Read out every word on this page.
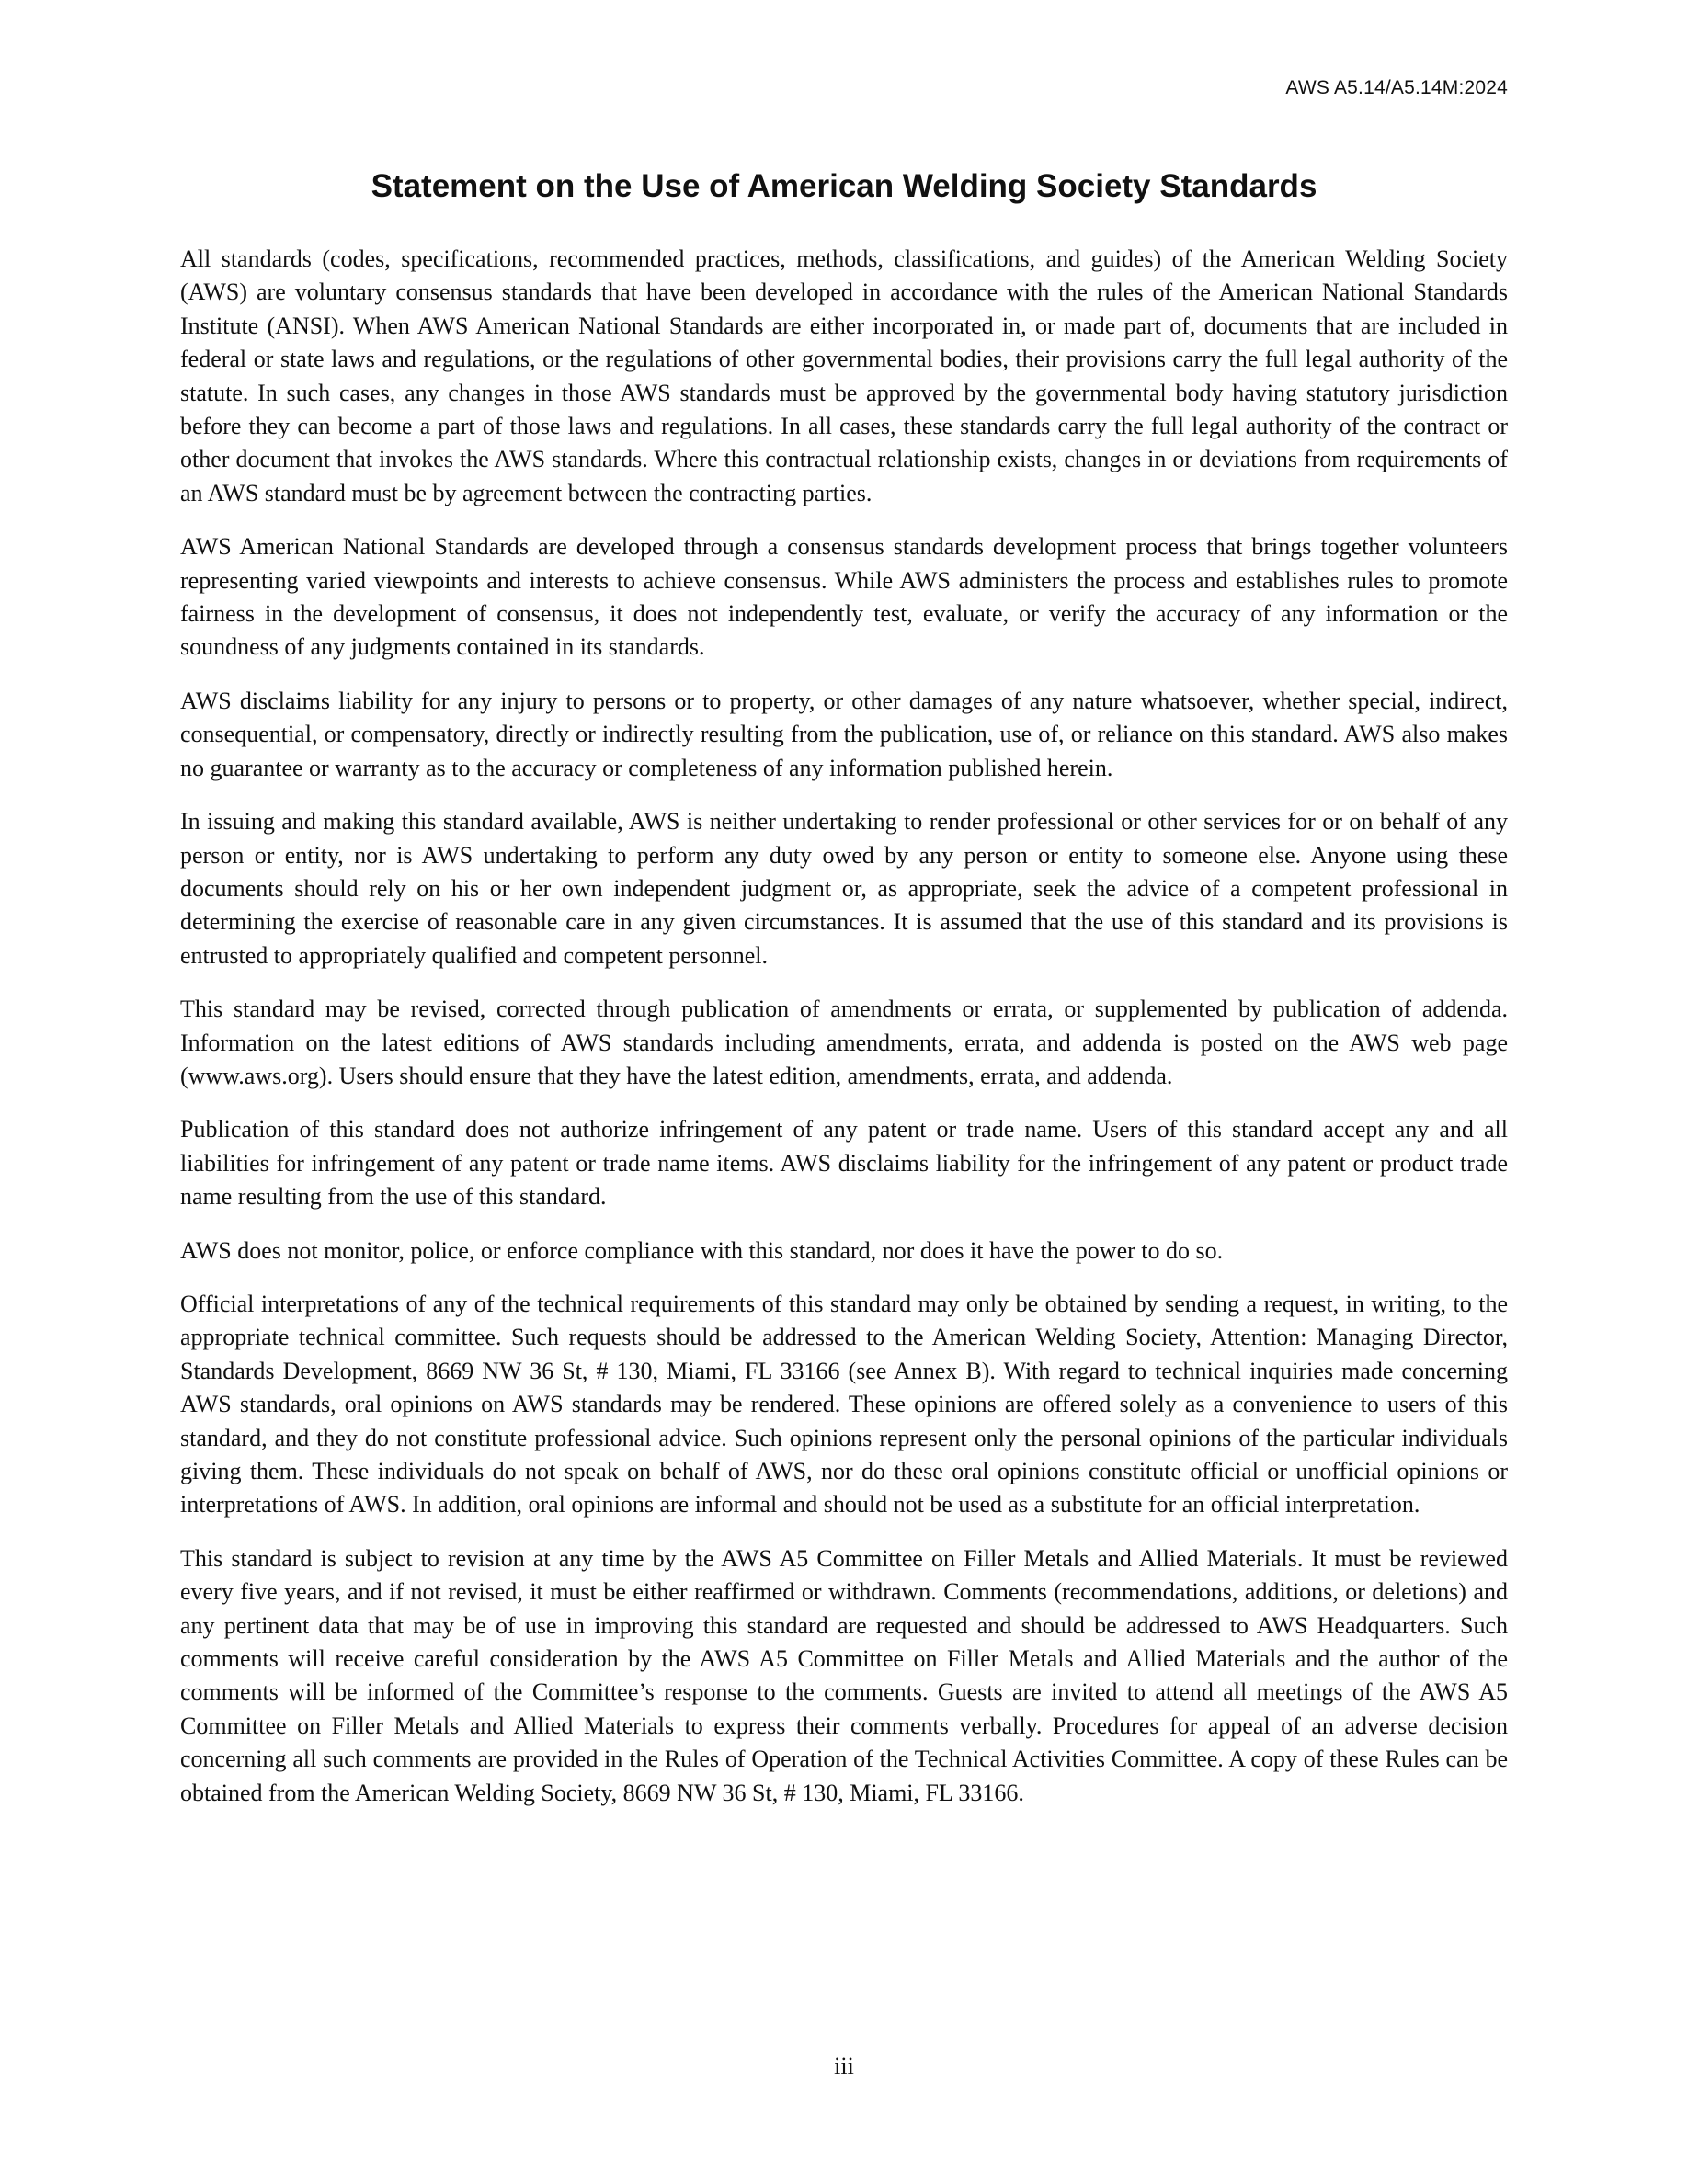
AWS A5.14/A5.14M:2024
Statement on the Use of American Welding Society Standards

All standards (codes, specifications, recommended practices, methods, classifications, and guides) of the American Welding Society (AWS) are voluntary consensus standards that have been developed in accordance with the rules of the American National Standards Institute (ANSI). When AWS American National Standards are either incorporated in, or made part of, documents that are included in federal or state laws and regulations, or the regulations of other governmental bodies, their provisions carry the full legal authority of the statute. In such cases, any changes in those AWS standards must be approved by the governmental body having statutory jurisdiction before they can become a part of those laws and regulations. In all cases, these standards carry the full legal authority of the contract or other document that invokes the AWS standards. Where this contractual relationship exists, changes in or deviations from requirements of an AWS standard must be by agreement between the contracting parties.

AWS American National Standards are developed through a consensus standards development process that brings together volunteers representing varied viewpoints and interests to achieve consensus. While AWS administers the process and establishes rules to promote fairness in the development of consensus, it does not independently test, evaluate, or verify the accuracy of any information or the soundness of any judgments contained in its standards.

AWS disclaims liability for any injury to persons or to property, or other damages of any nature whatsoever, whether special, indirect, consequential, or compensatory, directly or indirectly resulting from the publication, use of, or reliance on this standard. AWS also makes no guarantee or warranty as to the accuracy or completeness of any information published herein.

In issuing and making this standard available, AWS is neither undertaking to render professional or other services for or on behalf of any person or entity, nor is AWS undertaking to perform any duty owed by any person or entity to someone else. Anyone using these documents should rely on his or her own independent judgment or, as appropriate, seek the advice of a competent professional in determining the exercise of reasonable care in any given circumstances. It is assumed that the use of this standard and its provisions is entrusted to appropriately qualified and competent personnel.

This standard may be revised, corrected through publication of amendments or errata, or supplemented by publication of addenda. Information on the latest editions of AWS standards including amendments, errata, and addenda is posted on the AWS web page (www.aws.org). Users should ensure that they have the latest edition, amendments, errata, and addenda.

Publication of this standard does not authorize infringement of any patent or trade name. Users of this standard accept any and all liabilities for infringement of any patent or trade name items. AWS disclaims liability for the infringement of any patent or product trade name resulting from the use of this standard.

AWS does not monitor, police, or enforce compliance with this standard, nor does it have the power to do so.

Official interpretations of any of the technical requirements of this standard may only be obtained by sending a request, in writing, to the appropriate technical committee. Such requests should be addressed to the American Welding Society, Attention: Managing Director, Standards Development, 8669 NW 36 St, # 130, Miami, FL 33166 (see Annex B). With regard to technical inquiries made concerning AWS standards, oral opinions on AWS standards may be rendered. These opinions are offered solely as a convenience to users of this standard, and they do not constitute professional advice. Such opinions represent only the personal opinions of the particular individuals giving them. These individuals do not speak on behalf of AWS, nor do these oral opinions constitute official or unofficial opinions or interpretations of AWS. In addition, oral opinions are informal and should not be used as a substitute for an official interpretation.

This standard is subject to revision at any time by the AWS A5 Committee on Filler Metals and Allied Materials. It must be reviewed every five years, and if not revised, it must be either reaffirmed or withdrawn. Comments (recommendations, additions, or deletions) and any pertinent data that may be of use in improving this standard are requested and should be addressed to AWS Headquarters. Such comments will receive careful consideration by the AWS A5 Committee on Filler Metals and Allied Materials and the author of the comments will be informed of the Committee’s response to the comments. Guests are invited to attend all meetings of the AWS A5 Committee on Filler Metals and Allied Materials to express their comments verbally. Procedures for appeal of an adverse decision concerning all such comments are provided in the Rules of Operation of the Technical Activities Committee. A copy of these Rules can be obtained from the American Welding Society, 8669 NW 36 St, # 130, Miami, FL 33166.

iii
